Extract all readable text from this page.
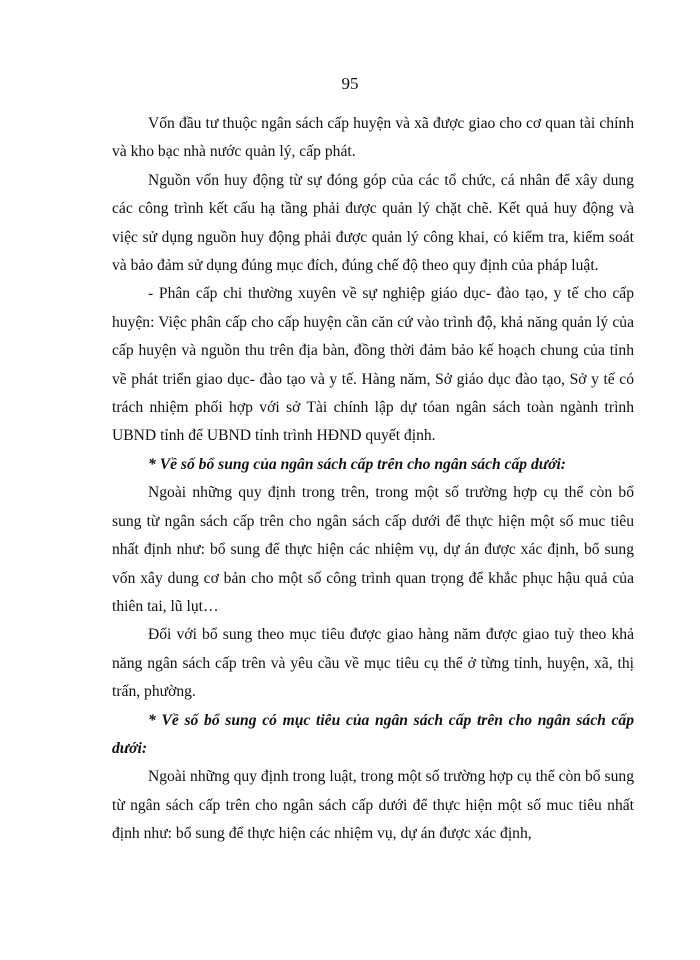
95

Vốn đầu tư thuộc ngân sách cấp huyện và xã được giao cho cơ quan tài chính và kho bạc nhà nước quản lý, cấp phát.

Nguồn vốn huy động từ sự đóng góp của các tổ chức, cá nhân để xây dung các công trình kết cấu hạ tầng phải được quản lý chặt chẽ. Kết quả huy động và việc sử dụng nguồn huy động phải được quản lý công khai, có kiểm tra, kiểm soát và bảo đảm sử dụng đúng mục đích, đúng chế độ theo quy định của pháp luật.

- Phân cấp chi thường xuyên về sự nghiệp giáo dục- đào tạo, y tế cho cấp huyện: Việc phân cấp cho cấp huyện cần căn cứ vào trình độ, khả năng quản lý của cấp huyện và nguồn thu trên địa bàn, đồng thời đảm bảo kế hoạch chung của tỉnh về phát triển giao dục- đào tạo và y tế. Hàng năm, Sở giáo dục đào tạo, Sở y tế có trách nhiệm phối hợp với sở Tài chính lập dự tóan ngân sách toàn ngành trình UBND tỉnh để UBND tỉnh trình HĐND quyết định.

* Về số bổ sung của ngân sách cấp trên cho ngân sách cấp dưới:

Ngoài những quy định trong trên, trong một số trường hợp cụ thể còn bổ sung từ ngân sách cấp trên cho ngân sách cấp dưới để thực hiện một số muc tiêu nhất định như: bổ sung để thực hiện các nhiệm vụ, dự án được xác định, bổ sung vốn xây dung cơ bản cho một số công trình quan trọng để khắc phục hậu quả của thiên tai, lũ lụt…

Đối với bổ sung theo mục tiêu được giao hàng năm được giao tuỳ theo khả năng ngân sách cấp trên và yêu cầu về mục tiêu cụ thể ở từng tỉnh, huyện, xã, thị trấn, phường.

* Về số bổ sung có mục tiêu của ngân sách cấp trên cho ngân sách cấp dưới:

Ngoài những quy định trong luật, trong một số trường hợp cụ thể còn bổ sung từ ngân sách cấp trên cho ngân sách cấp dưới để thực hiện một số muc tiêu nhất định như: bổ sung để thực hiện các nhiệm vụ, dự án được xác định,
